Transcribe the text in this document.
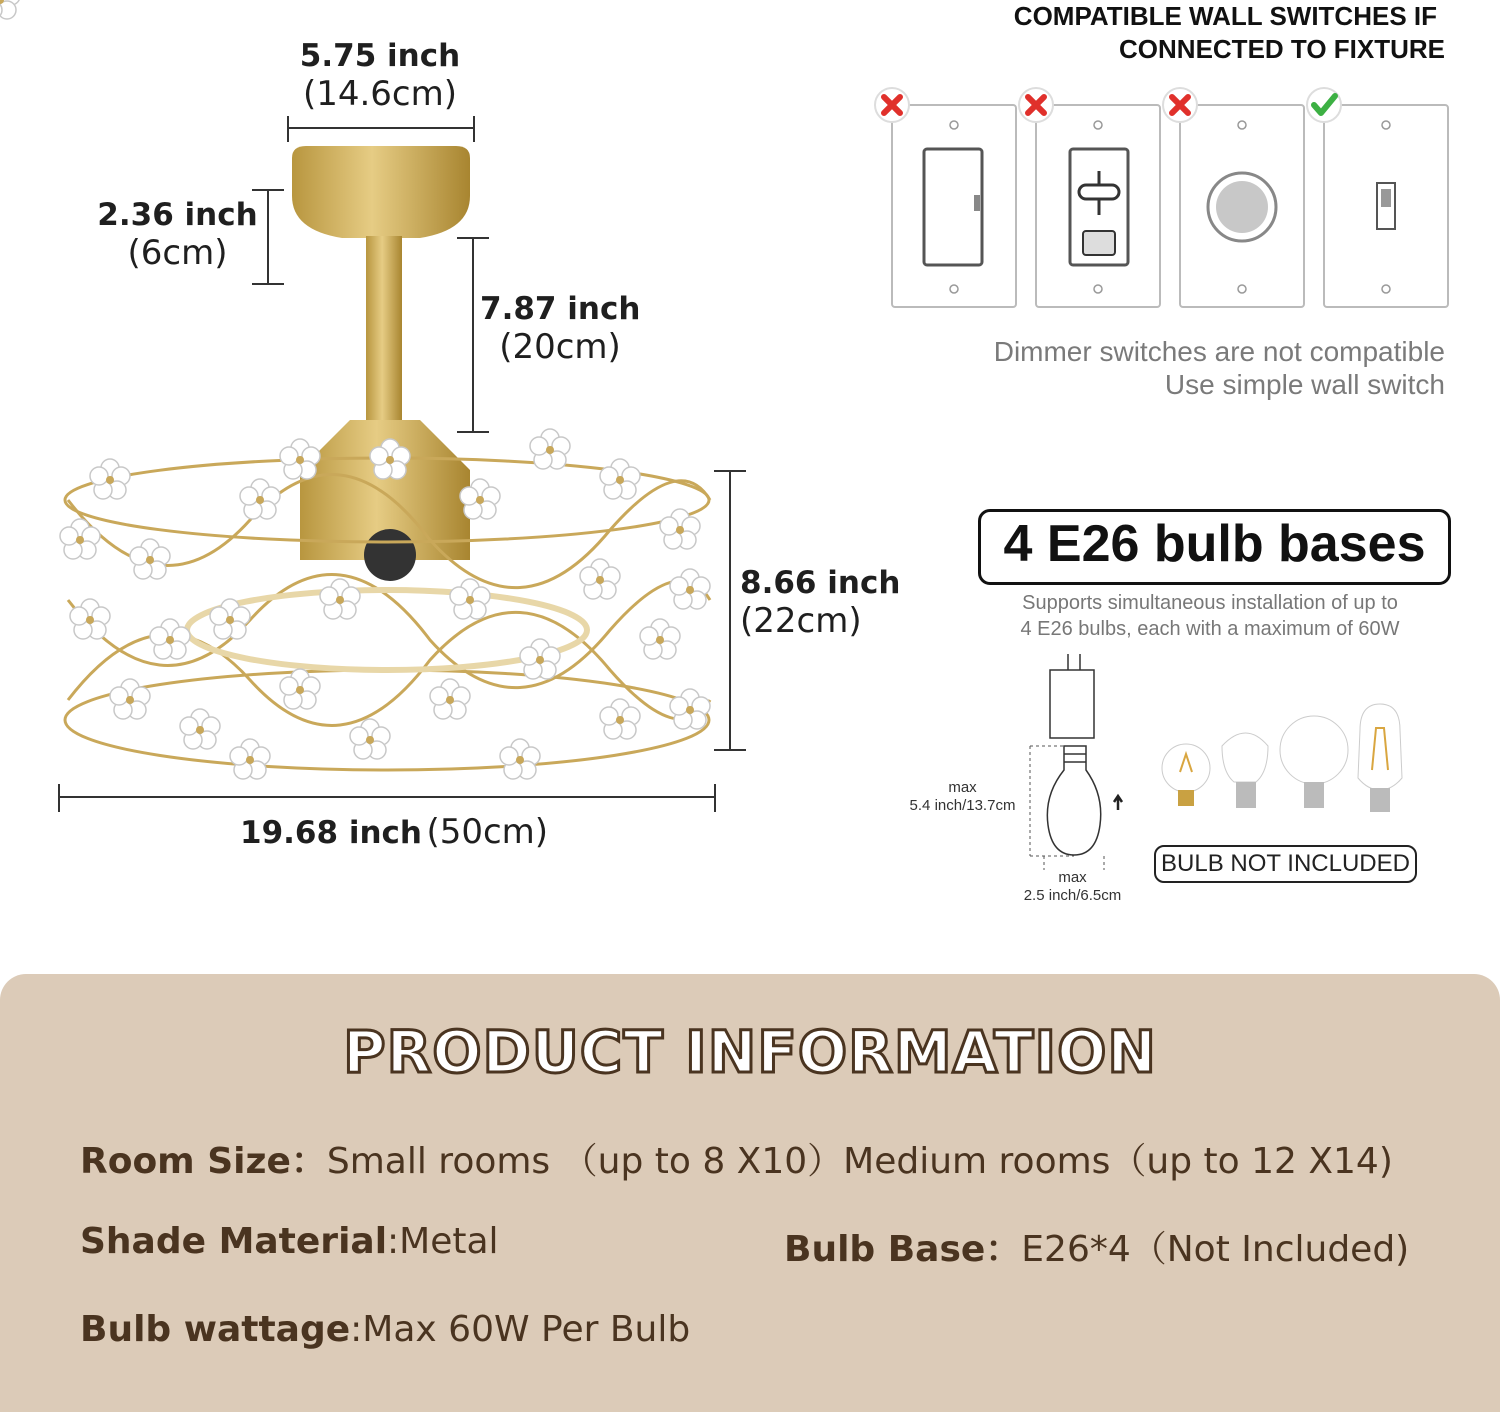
5.75 inch
(14.6cm)
2.36 inch
(6cm)
7.87 inch
(20cm)
8.66 inch
(22cm)
19.68 inch (50cm)
COMPATIBLE WALL SWITCHES IF
CONNECTED TO FIXTURE
Dimmer switches are not compatible
Use simple wall switch
4 E26 bulb bases
Supports simultaneous installation of up to
4 E26 bulbs, each with a maximum of 60W
max
5.4 inch/13.7cm
max
2.5 inch/6.5cm
BULB NOT INCLUDED
PRODUCT INFORMATION
Room Size：Small rooms （up to 8 X10）Medium rooms（up to 12 X14)
Shade Material:Metal	Bulb Base：E26*4（Not Included)
Bulb wattage:Max 60W Per Bulb
